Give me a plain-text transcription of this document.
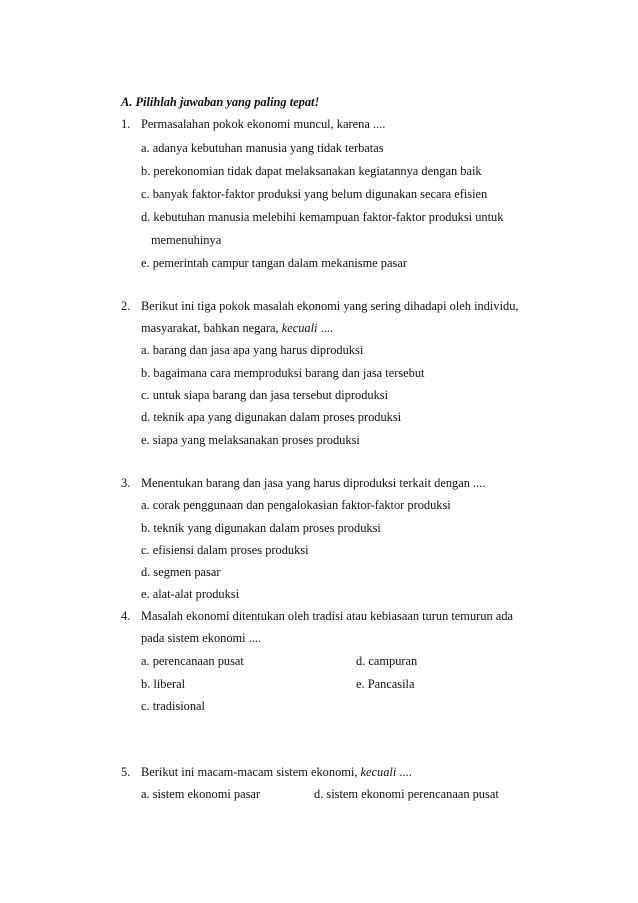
A. Pilihlah jawaban yang paling tepat!
1. Permasalahan pokok ekonomi muncul, karena ....
a. adanya kebutuhan manusia yang tidak terbatas
b. perekonomian tidak dapat melaksanakan kegiatannya dengan baik
c. banyak faktor-faktor produksi yang belum digunakan secara efisien
d. kebutuhan manusia melebihi kemampuan faktor-faktor produksi untuk
memenuhinya
e. pemerintah campur tangan dalam mekanisme pasar
2. Berikut ini tiga pokok masalah ekonomi yang sering dihadapi oleh individu,
masyarakat, bahkan negara, kecuali ....
a. barang dan jasa apa yang harus diproduksi
b. bagaimana cara memproduksi barang dan jasa tersebut
c. untuk siapa barang dan jasa tersebut diproduksi
d. teknik apa yang digunakan dalam proses produksi
e. siapa yang melaksanakan proses produksi
3. Menentukan barang dan jasa yang harus diproduksi terkait dengan ....
a. corak penggunaan dan pengalokasian faktor-faktor produksi
b. teknik yang digunakan dalam proses produksi
c. efisiensi dalam proses produksi
d. segmen pasar
e. alat-alat produksi
4. Masalah ekonomi ditentukan oleh tradisi atau kebiasaan turun temurun ada
pada sistem ekonomi ....
a. perencanaan pusat	d. campuran
b. liberal	e. Pancasila
c. tradisional
5. Berikut ini macam-macam sistem ekonomi, kecuali ....
a. sistem ekonomi pasar	d. sistem ekonomi perencanaan pusat
